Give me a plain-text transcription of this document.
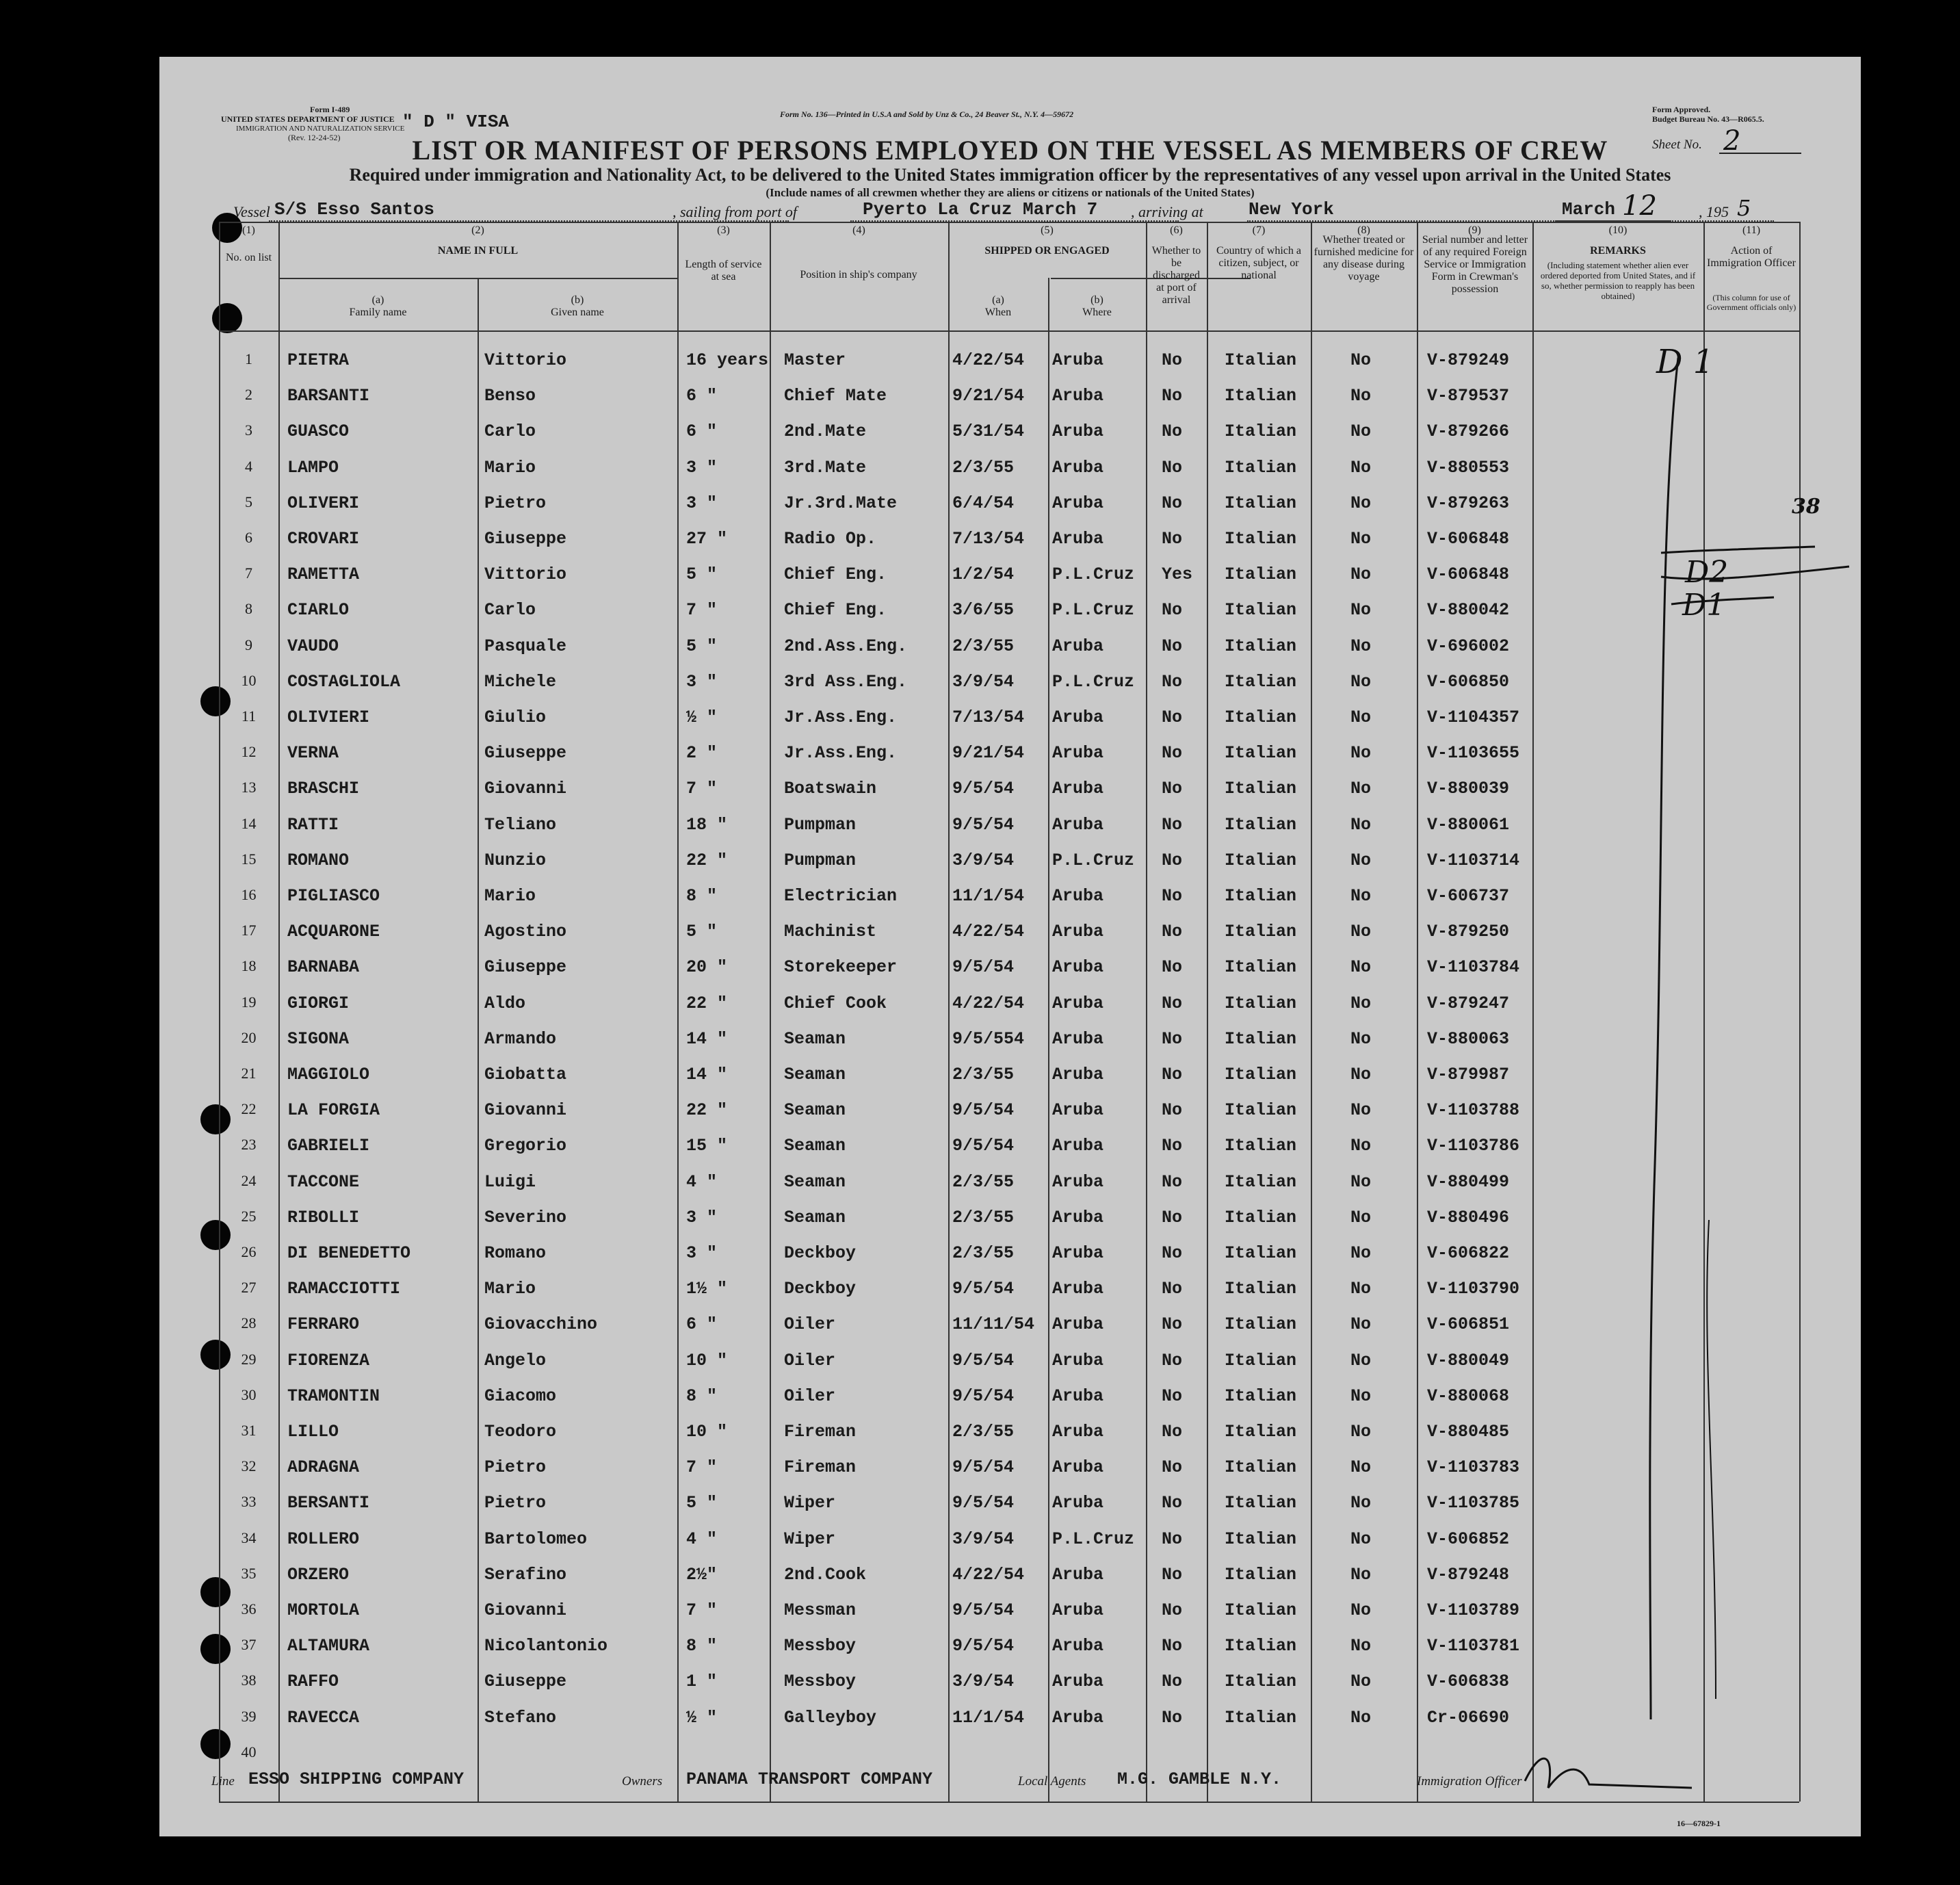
Form I-489
UNITED STATES DEPARTMENT OF JUSTICE
IMMIGRATION AND NATURALIZATION SERVICE
(Rev. 12-24-52)
" D " VISA	Form No. 136—Printed in U.S.A and Sold by Unz & Co., 24 Beaver St., N.Y. 4—59672	Form Approved.
Budget Bureau No. 43—R065.5.
Sheet No. 2
LIST OR MANIFEST OF PERSONS EMPLOYED ON THE VESSEL AS MEMBERS OF CREW
Required under immigration and Nationality Act, to be delivered to the United States immigration officer by the representatives of any vessel upon arrival in the United States
(Include names of all crewmen whether they are aliens or citizens or nationals of the United States)
Vessel S/S Esso Santos	, sailing from port of	Pyerto La Cruz March 7 , arriving at	New York	March 12	, 195 5
(1)	(2)	(3)	(4)	(5)	(6)	(7)	(8)	(9)	(10)	(11)
No. on list
NAME IN FULL
(a)
Family name
(b)
Given name
Length of service at sea	Position in ship's company
SHIPPED OR ENGAGED
(a)
When
(b)
Where
Whether to be discharged at port of arrival
Country of which a citizen, subject, or national
Whether treated or furnished medicine for any disease during voyage
Serial number and letter of any required Foreign Service or Immigration Form in Crewman's possession
REMARKS
(Including statement whether alien ever ordered deported from United States, and if so, whether permission to reapply has been obtained)
Action of Immigration Officer
(This column for use of Government officials only)
1	PIETRA	Vittorio	16 years Master	4/22/54 Aruba	No Italian	No	V-879249
2	BARSANTI	Benso	6 "	Chief Mate	9/21/54 Aruba	No Italian	No	V-879537
3	GUASCO	Carlo	6 "	2nd.Mate	5/31/54 Aruba	No Italian	No	V-879266
4	LAMPO	Mario	3 "	3rd.Mate	2/3/55 Aruba	No Italian	No	V-880553
5	OLIVERI	Pietro	3 "	Jr.3rd.Mate	6/4/54 Aruba	No Italian	No	V-879263
6	CROVARI	Giuseppe	27 "	Radio Op.	7/13/54 Aruba	No Italian	No	V-606848
7	RAMETTA	Vittorio	5 "	Chief Eng.	1/2/54 P.L.Cruz Yes Italian	No	V-606848
8	CIARLO	Carlo	7 "	Chief Eng.	3/6/55 P.L.Cruz No Italian	No	V-880042
9	VAUDO	Pasquale	5 "	2nd.Ass.Eng.	2/3/55 Aruba	No Italian	No	V-696002
10	COSTAGLIOLA	Michele	3 "	3rd Ass.Eng.	3/9/54 P.L.Cruz No Italian	No	V-606850
11	OLIVIERI	Giulio	½ "	Jr.Ass.Eng.	7/13/54 Aruba	No Italian	No	V-1104357
12	VERNA	Giuseppe	2 "	Jr.Ass.Eng.	9/21/54 Aruba	No Italian	No	V-1103655
13	BRASCHI	Giovanni	7 "	Boatswain	9/5/54 Aruba	No Italian	No	V-880039
14	RATTI	Teliano	18 "	Pumpman	9/5/54 Aruba	No Italian	No	V-880061
15	ROMANO	Nunzio	22 "	Pumpman	3/9/54 P.L.Cruz No Italian	No	V-1103714
16	PIGLIASCO	Mario	8 "	Electrician	11/1/54 Aruba	No Italian	No	V-606737
17	ACQUARONE	Agostino	5 "	Machinist	4/22/54 Aruba	No Italian	No	V-879250
18	BARNABA	Giuseppe	20 "	Storekeeper	9/5/54 Aruba	No Italian	No	V-1103784
19	GIORGI	Aldo	22 "	Chief Cook	4/22/54 Aruba	No Italian	No	V-879247
20	SIGONA	Armando	14 "	Seaman	9/5/554 Aruba	No Italian	No	V-880063
21	MAGGIOLO	Giobatta	14 "	Seaman	2/3/55 Aruba	No Italian	No	V-879987
22	LA FORGIA	Giovanni	22 "	Seaman	9/5/54 Aruba	No Italian	No	V-1103788
23	GABRIELI	Gregorio	15 "	Seaman	9/5/54 Aruba	No Italian	No	V-1103786
24	TACCONE	Luigi	4 "	Seaman	2/3/55 Aruba	No Italian	No	V-880499
25	RIBOLLI	Severino	3 "	Seaman	2/3/55 Aruba	No Italian	No	V-880496
26	DI BENEDETTO	Romano	3 "	Deckboy	2/3/55 Aruba	No Italian	No	V-606822
27	RAMACCIOTTI	Mario	1½ "	Deckboy	9/5/54 Aruba	No Italian	No	V-1103790
28	FERRARO	Giovacchino	6 "	Oiler	11/11/54 Aruba	No Italian	No	V-606851
29	FIORENZA	Angelo	10 "	Oiler	9/5/54 Aruba	No Italian	No	V-880049
30	TRAMONTIN	Giacomo	8 "	Oiler	9/5/54 Aruba	No Italian	No	V-880068
31	LILLO	Teodoro	10 "	Fireman	2/3/55 Aruba	No Italian	No	V-880485
32	ADRAGNA	Pietro	7 "	Fireman	9/5/54 Aruba	No Italian	No	V-1103783
33	BERSANTI	Pietro	5 "	Wiper	9/5/54 Aruba	No Italian	No	V-1103785
34	ROLLERO	Bartolomeo	4 "	Wiper	3/9/54 P.L.Cruz No Italian	No	V-606852
35	ORZERO	Serafino	2½"	2nd.Cook	4/22/54 Aruba	No Italian	No	V-879248
36	MORTOLA	Giovanni	7 "	Messman	9/5/54 Aruba	No Italian	No	V-1103789
37	ALTAMURA	Nicolantonio	8 "	Messboy	9/5/54 Aruba	No Italian	No	V-1103781
38	RAFFO	Giuseppe	1 "	Messboy	3/9/54 Aruba	No Italian	No	V-606838
39	RAVECCA	Stefano	½ "	Galleyboy	11/1/54 Aruba	No Italian	No	Cr-06690
40
D 1
D2
D1
38
Line ESSO SHIPPING COMPANY	Owners PANAMA TRANSPORT COMPANY	Local Agents M.G. GAMBLE N.Y.	Immigration Officer
16—67829-1
